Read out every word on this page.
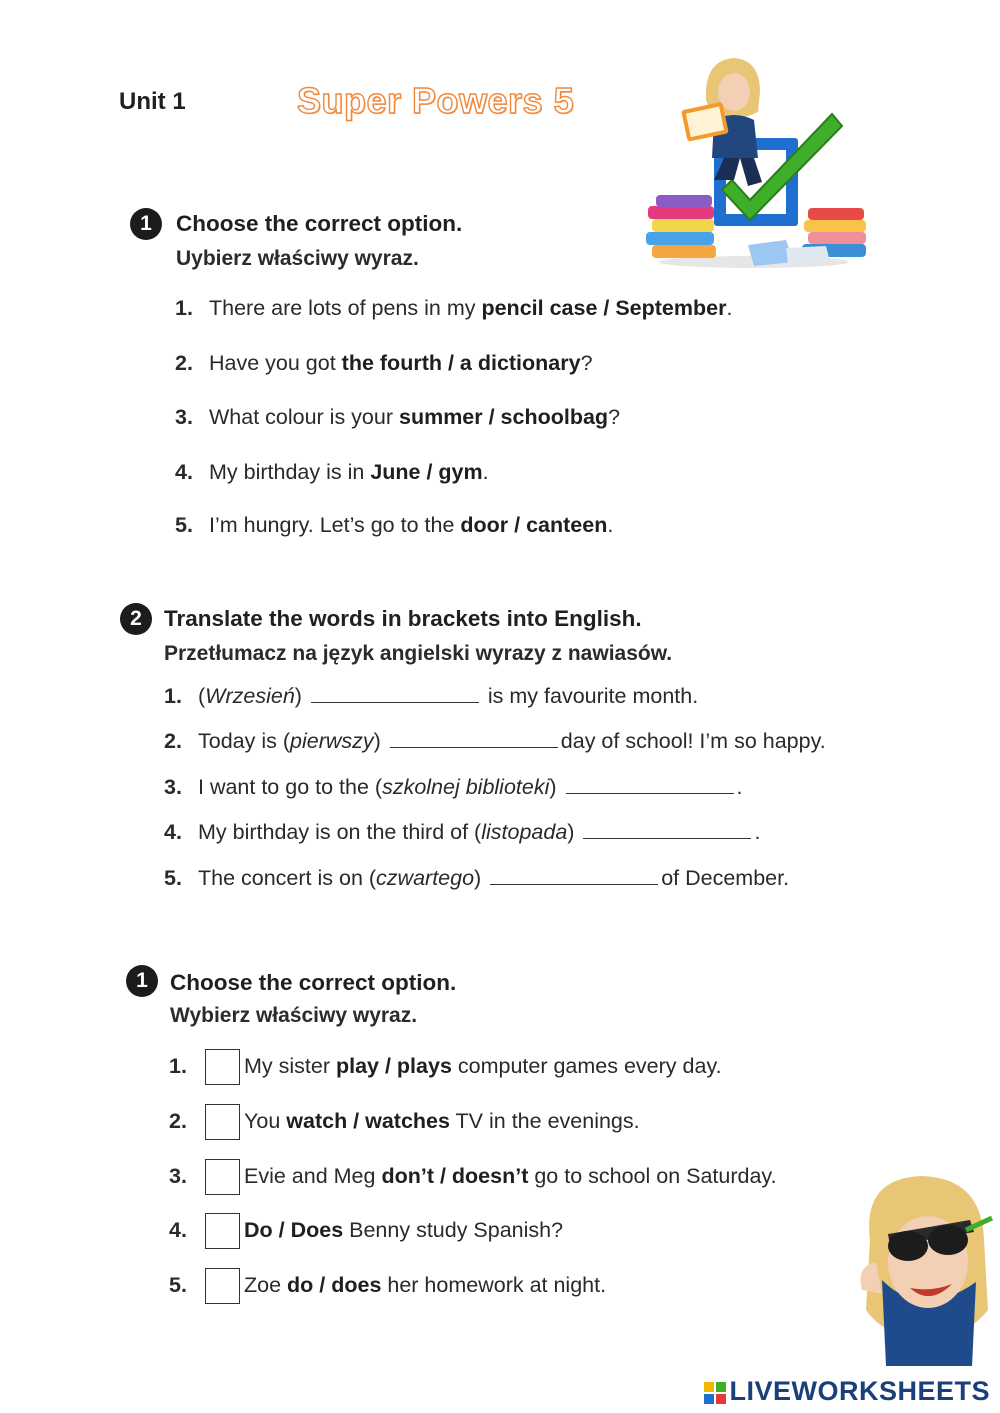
Unit 1	Super Powers 5
1	Choose the correct option.
Uybierz właściwy wyraz.
1. There are lots of pens in my pencil case / September.
2. Have you got the fourth / a dictionary?
3. What colour is your summer / schoolbag?
4. My birthday is in June / gym.
5. I’m hungry. Let’s go to the door / canteen.
2 Translate the words in brackets into English.
Przetłumacz na język angielski wyrazy z nawiasów.
1. (Wrzesień)	is my favourite month.
2. Today is (pierwszy)	day of school! I’m so happy.
3. I want to go to the (szkolnej biblioteki)	.
4. My birthday is on the third of (listopada)	.
5. The concert is on (czwartego)	of December.
1 Choose the correct option.
Wybierz właściwy wyraz.
1.	My sister play / plays computer games every day.
2.	You watch / watches TV in the evenings.
3.	Evie and Meg don’t / doesn’t go to school on Saturday.
4.	Do / Does Benny study Spanish?
5.	Zoe do / does her homework at night.
LIVEWORKSHEETS
